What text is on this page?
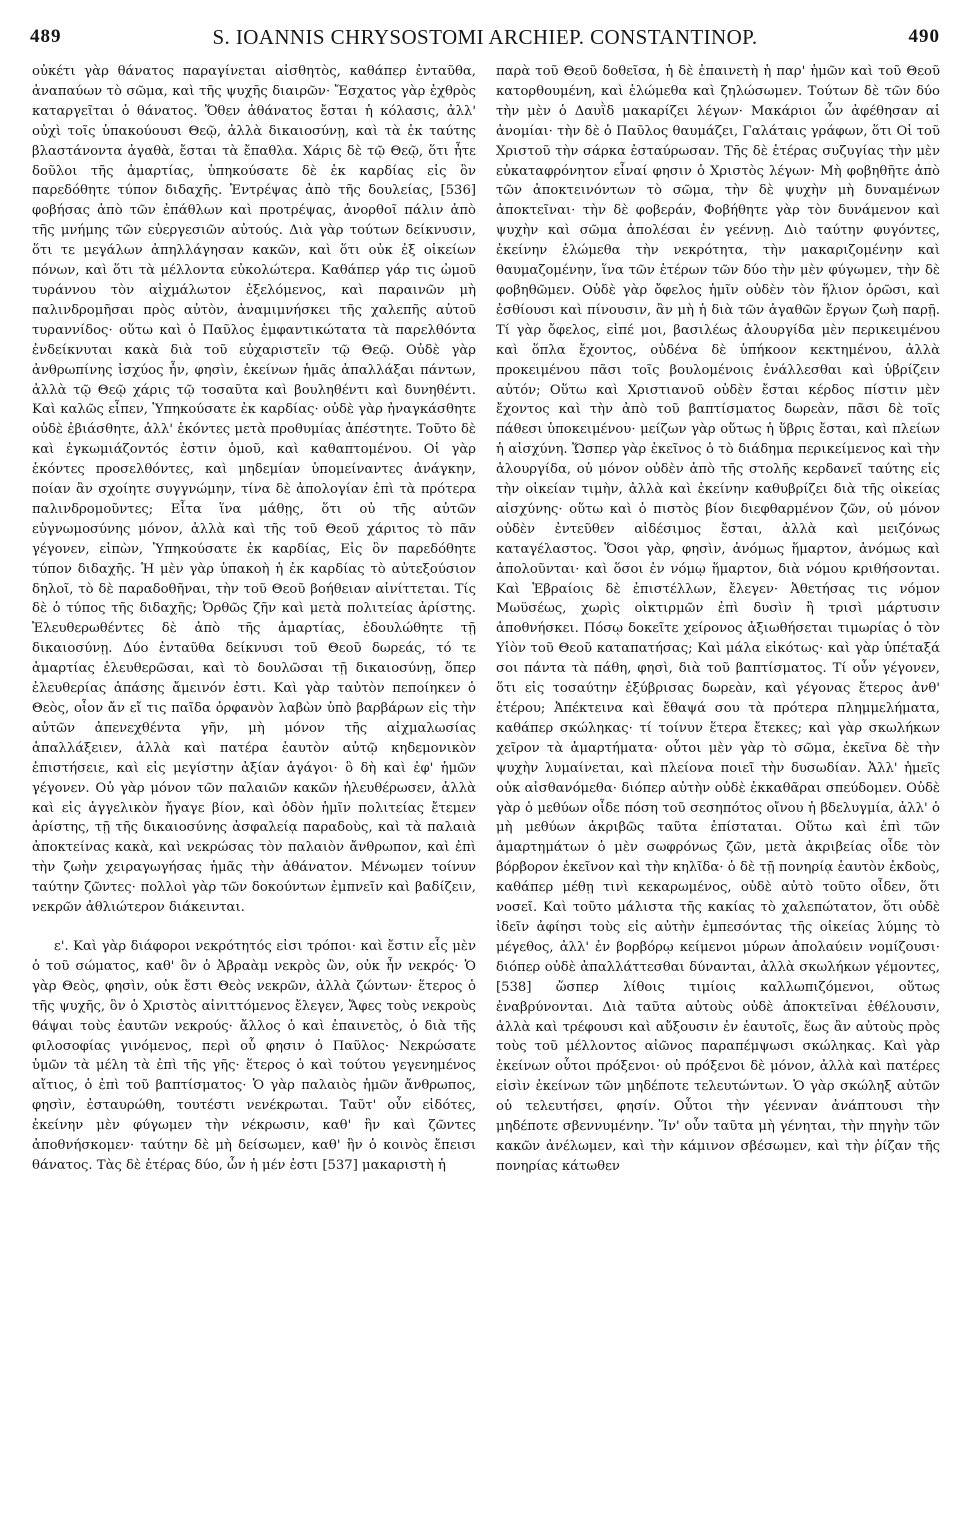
489	S. IOANNIS CHRYSOSTOMI ARCHIEP. CONSTANTINOP.	490

οὐκέτι γὰρ θάνατος παραγίνεται αἰσθητὸς, καθάπερ ἐνταῦθα, ἀναπαύων τὸ σῶμα, καὶ τῆς ψυχῆς διαιρῶν· Ἔσχατος γὰρ ἐχθρὸς καταργεῖται ὁ θάνατος. Ὅθεν ἀθάνατος ἔσται ἡ κόλασις, ἀλλ' οὐχὶ τοῖς ὑπακούουσι Θεῷ, ἀλλὰ δικαιοσύνῃ, καὶ τὰ ἐκ ταύτης βλαστάνοντα ἀγαθὰ, ἔσται τὰ ἔπαθλα. Χάρις δὲ τῷ Θεῷ, ὅτι ἦτε δοῦλοι τῆς ἁμαρτίας, ὑπηκούσατε δὲ ἐκ καρδίας εἰς ὃν παρεδόθητε τύπον διδαχῆς. Ἐντρέψας ἀπὸ τῆς δουλείας, [536] φοβήσας ἀπὸ τῶν ἐπάθλων καὶ προτρέψας, ἀνορθοῖ πάλιν ἀπὸ τῆς μνήμης τῶν εὐεργεσιῶν αὐτούς. Διὰ γὰρ τούτων δείκνυσιν, ὅτι τε μεγάλων ἀπηλλάγησαν κακῶν, καὶ ὅτι οὐκ ἐξ οἰκείων πόνων, καὶ ὅτι τὰ μέλλοντα εὐκολώτερα. Καθάπερ γάρ τις ὠμοῦ τυράννου τὸν αἰχμάλωτον ἐξελόμενος, καὶ παραινῶν μὴ παλινδρομῆσαι πρὸς αὐτὸν, ἀναμιμνήσκει τῆς χαλεπῆς αὐτοῦ τυραννίδος· οὕτω καὶ ὁ Παῦλος ἐμφαντικώτατα τὰ παρελθόντα ἐνδείκνυται κακὰ διὰ τοῦ εὐχαριστεῖν τῷ Θεῷ. Οὐδὲ γὰρ ἀνθρωπίνης ἰσχύος ἦν, φησὶν, ἐκείνων ἡμᾶς ἀπαλλάξαι πάντων, ἀλλὰ τῷ Θεῷ χάρις τῷ τοσαῦτα καὶ βουληθέντι καὶ δυνηθέντι. Καὶ καλῶς εἶπεν, Ὑπηκούσατε ἐκ καρδίας· οὐδὲ γὰρ ἠναγκάσθητε οὐδὲ ἐβιάσθητε, ἀλλ' ἑκόντες μετὰ προθυμίας ἀπέστητε. Τοῦτο δὲ καὶ ἐγκωμιάζοντός ἐστιν ὁμοῦ, καὶ καθαπτομένου. Οἱ γὰρ ἑκόντες προσελθόντες, καὶ μηδεμίαν ὑπομείναντες ἀνάγκην, ποίαν ἂν σχοίητε συγγνώμην, τίνα δὲ ἀπολογίαν ἐπὶ τὰ πρότερα παλινδρομοῦντες; Εἶτα ἵνα μάθῃς, ὅτι οὐ τῆς αὐτῶν εὐγνωμοσύνης μόνον, ἀλλὰ καὶ τῆς τοῦ Θεοῦ χάριτος τὸ πᾶν γέγονεν, εἰπὼν, Ὑπηκούσατε ἐκ καρδίας, Εἰς ὃν παρεδόθητε τύπον διδαχῆς. Ἡ μὲν γὰρ ὑπακοὴ ἡ ἐκ καρδίας τὸ αὐτεξούσιον δηλοῖ, τὸ δὲ παραδοθῆναι, τὴν τοῦ Θεοῦ βοήθειαν αἰνίττεται. Τίς δὲ ὁ τύπος τῆς διδαχῆς; Ὀρθῶς ζῆν καὶ μετὰ πολιτείας ἀρίστης. Ἐλευθερωθέντες δὲ ἀπὸ τῆς ἁμαρτίας, ἐδουλώθητε τῇ δικαιοσύνῃ. Δύο ἐνταῦθα δείκνυσι τοῦ Θεοῦ δωρεάς, τό τε ἁμαρτίας ἐλευθερῶσαι, καὶ τὸ δουλῶσαι τῇ δικαιοσύνῃ, ὅπερ ἐλευθερίας ἁπάσης ἄμεινόν ἐστι. Καὶ γὰρ ταὐτὸν πεποίηκεν ὁ Θεὸς, οἷον ἄν εἴ τις παῖδα ὀρφανὸν λαβὼν ὑπὸ βαρβάρων εἰς τὴν αὐτῶν ἀπενεχθέντα γῆν, μὴ μόνον τῆς αἰχμαλωσίας ἀπαλλάξειεν, ἀλλὰ καὶ πατέρα ἑαυτὸν αὐτῷ κηδεμονικὸν ἐπιστήσειε, καὶ εἰς μεγίστην ἀξίαν ἀγάγοι· ὃ δὴ καὶ ἐφ' ἡμῶν γέγονεν. Οὐ γὰρ μόνον τῶν παλαιῶν κακῶν ἠλευθέρωσεν, ἀλλὰ καὶ εἰς ἀγγελικὸν ἤγαγε βίον, καὶ ὁδὸν ἡμῖν πολιτείας ἔτεμεν ἀρίστης, τῇ τῆς δικαιοσύνης ἀσφαλείᾳ παραδοὺς, καὶ τὰ παλαιὰ ἀποκτείνας κακὰ, καὶ νεκρώσας τὸν παλαιὸν ἄνθρωπον, καὶ ἐπὶ τὴν ζωὴν χειραγωγήσας ἡμᾶς τὴν ἀθάνατον. Μένωμεν τοίνυν ταύτην ζῶντες· πολλοὶ γὰρ τῶν δοκούντων ἐμπνεῖν καὶ βαδίζειν, νεκρῶν ἀθλιώτερον διάκεινται.

ε'. Καὶ γὰρ διάφοροι νεκρότητός εἰσι τρόποι· καὶ ἔστιν εἷς μὲν ὁ τοῦ σώματος, καθ' ὃν ὁ Ἀβραὰμ νεκρὸς ὢν, οὐκ ἦν νεκρός· Ὁ γὰρ Θεὸς, φησὶν, οὐκ ἔστι Θεὸς νεκρῶν, ἀλλὰ ζώντων· ἕτερος ὁ τῆς ψυχῆς, ὃν ὁ Χριστὸς αἰνιττόμενος ἔλεγεν, Ἄφες τοὺς νεκροὺς θάψαι τοὺς ἑαυτῶν νεκρούς· ἄλλος ὁ καὶ ἐπαινετὸς, ὁ διὰ τῆς φιλοσοφίας γινόμενος, περὶ οὗ φησιν ὁ Παῦλος· Νεκρώσατε ὑμῶν τὰ μέλη τὰ ἐπὶ τῆς γῆς· ἕτερος ὁ καὶ τούτου γεγενημένος αἴτιος, ὁ ἐπὶ τοῦ βαπτίσματος· Ὁ γὰρ παλαιὸς ἡμῶν ἄνθρωπος, φησὶν, ἐσταυρώθη, τουτέστι νενέκρωται. Ταῦτ' οὖν εἰδότες, ἐκείνην μὲν φύγωμεν τὴν νέκρωσιν, καθ' ἣν καὶ ζῶντες ἀποθνήσκομεν· ταύτην δὲ μὴ δείσωμεν, καθ' ἣν ὁ κοινὸς ἔπεισι θάνατος. Τὰς δὲ ἑτέρας δύο, ὧν ἡ μέν ἐστι [537] μακαριστὴ ἡ

παρὰ τοῦ Θεοῦ δοθεῖσα, ἡ δὲ ἐπαινετὴ ἡ παρ' ἡμῶν καὶ τοῦ Θεοῦ κατορθουμένη, καὶ ἑλώμεθα καὶ ζηλώσωμεν. Τούτων δὲ τῶν δύο τὴν μὲν ὁ Δαυῒδ μακαρίζει λέγων· Μακάριοι ὧν ἀφέθησαν αἱ ἀνομίαι· τὴν δὲ ὁ Παῦλος θαυμάζει, Γαλάταις γράφων, ὅτι Οἱ τοῦ Χριστοῦ τὴν σάρκα ἐσταύρωσαν. Τῆς δὲ ἑτέρας συζυγίας τὴν μὲν εὐκαταφρόνητον εἶναί φησιν ὁ Χριστὸς λέγων· Μὴ φοβηθῆτε ἀπὸ τῶν ἀποκτεινόντων τὸ σῶμα, τὴν δὲ ψυχὴν μὴ δυναμένων ἀποκτεῖναι· τὴν δὲ φοβεράν, Φοβήθητε γὰρ τὸν δυνάμενον καὶ ψυχὴν καὶ σῶμα ἀπολέσαι ἐν γεέννῃ. Διὸ ταύτην φυγόντες, ἐκείνην ἑλώμεθα τὴν νεκρότητα, τὴν μακαριζομένην καὶ θαυμαζομένην, ἵνα τῶν ἑτέρων τῶν δύο τὴν μὲν φύγωμεν, τὴν δὲ φοβηθῶμεν. Οὐδὲ γὰρ ὄφελος ἡμῖν οὐδὲν τὸν ἥλιον ὁρῶσι, καὶ ἐσθίουσι καὶ πίνουσιν, ἂν μὴ ἡ διὰ τῶν ἀγαθῶν ἔργων ζωὴ παρῇ. Τί γὰρ ὄφελος, εἰπέ μοι, βασιλέως ἁλουργίδα μὲν περικειμένου καὶ ὅπλα ἔχοντος, οὐδένα δὲ ὑπήκοον κεκτημένου, ἀλλὰ προκειμένου πᾶσι τοῖς βουλομένοις ἐνάλλεσθαι καὶ ὑβρίζειν αὐτόν; Οὕτω καὶ Χριστιανοῦ οὐδὲν ἔσται κέρδος πίστιν μὲν ἔχοντος καὶ τὴν ἀπὸ τοῦ βαπτίσματος δωρεὰν, πᾶσι δὲ τοῖς πάθεσι ὑποκειμένου· μείζων γὰρ οὕτως ἡ ὕβρις ἔσται, καὶ πλείων ἡ αἰσχύνη. Ὥσπερ γὰρ ἐκεῖνος ὁ τὸ διάδημα περικείμενος καὶ τὴν ἁλουργίδα, οὐ μόνον οὐδὲν ἀπὸ τῆς στολῆς κερδανεῖ ταύτης εἰς τὴν οἰκείαν τιμὴν, ἀλλὰ καὶ ἐκείνην καθυβρίζει διὰ τῆς οἰκείας αἰσχύνης· οὕτω καὶ ὁ πιστὸς βίον διεφθαρμένον ζῶν, οὐ μόνον οὐδὲν ἐντεῦθεν αἰδέσιμος ἔσται, ἀλλὰ καὶ μειζόνως καταγέλαστος. Ὅσοι γὰρ, φησὶν, ἀνόμως ἥμαρτον, ἀνόμως καὶ ἀπολοῦνται· καὶ ὅσοι ἐν νόμῳ ἥμαρτον, διὰ νόμου κριθήσονται. Καὶ Ἑβραίοις δὲ ἐπιστέλλων, ἔλεγεν· Ἀθετήσας τις νόμον Μωϋσέως, χωρὶς οἰκτιρμῶν ἐπὶ δυσὶν ἢ τρισὶ μάρτυσιν ἀποθνήσκει. Πόσῳ δοκεῖτε χείρονος ἀξιωθήσεται τιμωρίας ὁ τὸν Υἱὸν τοῦ Θεοῦ καταπατήσας; Καὶ μάλα εἰκότως· καὶ γὰρ ὑπέταξά σοι πάντα τὰ πάθη, φησὶ, διὰ τοῦ βαπτίσματος. Τί οὖν γέγονεν, ὅτι εἰς τοσαύτην ἐξύβρισας δωρεὰν, καὶ γέγονας ἕτερος ἀνθ' ἑτέρου; Ἀπέκτεινα καὶ ἔθαψά σου τὰ πρότερα πλημμελήματα, καθάπερ σκώληκας· τί τοίνυν ἕτερα ἔτεκες; καὶ γὰρ σκωλήκων χεῖρον τὰ ἁμαρτήματα· οὗτοι μὲν γὰρ τὸ σῶμα, ἐκεῖνα δὲ τὴν ψυχὴν λυμαίνεται, καὶ πλείονα ποιεῖ τὴν δυσωδίαν. Ἀλλ' ἡμεῖς οὐκ αἰσθανόμεθα· διόπερ αὐτὴν οὐδὲ ἐκκαθᾶραι σπεύδομεν. Οὐδὲ γὰρ ὁ μεθύων οἶδε πόση τοῦ σεσηπότος οἴνου ἡ βδελυγμία, ἀλλ' ὁ μὴ μεθύων ἀκριβῶς ταῦτα ἐπίσταται. Οὕτω καὶ ἐπὶ τῶν ἁμαρτημάτων ὁ μὲν σωφρόνως ζῶν, μετὰ ἀκριβείας οἶδε τὸν βόρβορον ἐκεῖνον καὶ τὴν κηλῖδα· ὁ δὲ τῇ πονηρίᾳ ἑαυτὸν ἐκδοὺς, καθάπερ μέθῃ τινὶ κεκαρωμένος, οὐδὲ αὐτὸ τοῦτο οἶδεν, ὅτι νοσεῖ. Καὶ τοῦτο μάλιστα τῆς κακίας τὸ χαλεπώτατον, ὅτι οὐδὲ ἰδεῖν ἀφίησι τοὺς εἰς αὐτὴν ἐμπεσόντας τῆς οἰκείας λύμης τὸ μέγεθος, ἀλλ' ἐν βορβόρῳ κείμενοι μύρων ἀπολαύειν νομίζουσι· διόπερ οὐδὲ ἀπαλλάττεσθαι δύνανται, ἀλλὰ σκωλήκων γέμοντες, [538] ὥσπερ λίθοις τιμίοις καλλωπιζόμενοι, οὕτως ἐναβρύνονται. Διὰ ταῦτα αὐτοὺς οὐδὲ ἀποκτεῖναι ἐθέλουσιν, ἀλλὰ καὶ τρέφουσι καὶ αὔξουσιν ἐν ἑαυτοῖς, ἕως ἂν αὐτοὺς πρὸς τοὺς τοῦ μέλλοντος αἰῶνος παραπέμψωσι σκώληκας. Καὶ γὰρ ἐκείνων οὗτοι πρόξενοι· οὐ πρόξενοι δὲ μόνον, ἀλλὰ καὶ πατέρες εἰσὶν ἐκείνων τῶν μηδέποτε τελευτώντων. Ὁ γὰρ σκώληξ αὐτῶν οὐ τελευτήσει, φησίν. Οὗτοι τὴν γέενναν ἀνάπτουσι τὴν μηδέποτε σβεννυμένην. Ἵν' οὖν ταῦτα μὴ γένηται, τὴν πηγὴν τῶν κακῶν ἀνέλωμεν, καὶ τὴν κάμινον σβέσωμεν, καὶ τὴν ῥίζαν τῆς πονηρίας κάτωθεν
